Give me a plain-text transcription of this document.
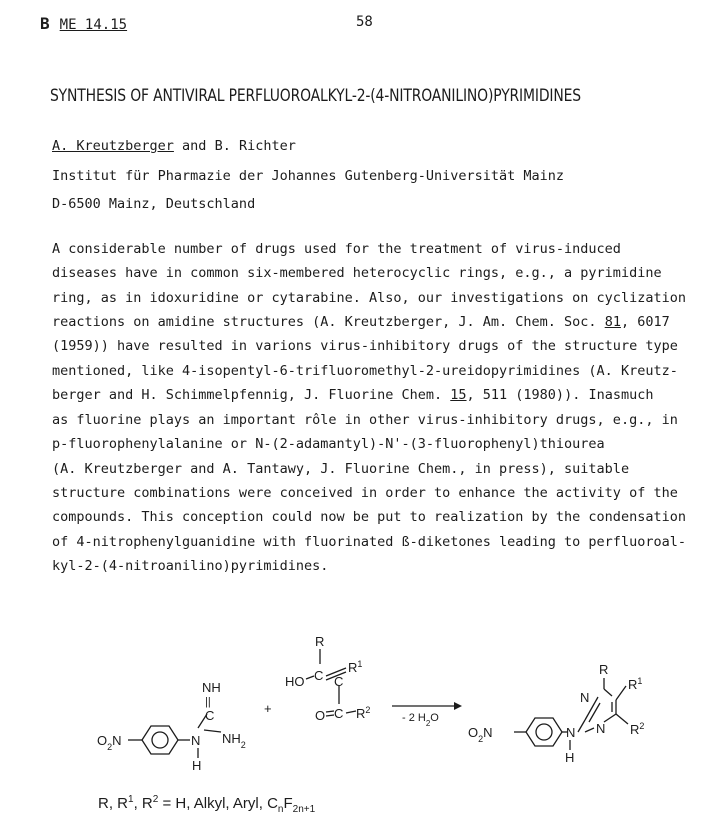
B ME 14.15	58
SYNTHESIS OF ANTIVIRAL PERFLUOROALKYL-2-(4-NITROANILINO)PYRIMIDINES
A. Kreutzberger and B. Richter
Institut für Pharmazie der Johannes Gutenberg-Universität Mainz
D-6500 Mainz, Deutschland
A considerable number of drugs used for the treatment of virus-induced
diseases have in common six-membered heterocyclic rings, e.g., a pyrimidine
ring, as in idoxuridine or cytarabine. Also, our investigations on cyclization
reactions on amidine structures (A. Kreutzberger, J. Am. Chem. Soc. 81, 6017
(1959)) have resulted in varions virus-inhibitory drugs of the structure type
mentioned, like 4-isopentyl-6-trifluoromethyl-2-ureidopyrimidines (A. Kreutz-
berger and H. Schimmelpfennig, J. Fluorine Chem. 15, 511 (1980)). Inasmuch
as fluorine plays an important rôle in other virus-inhibitory drugs, e.g., in
p-fluorophenylalanine or N-(2-adamantyl)-N'-(3-fluorophenyl)thiourea
(A. Kreutzberger and A. Tantawy, J. Fluorine Chem., in press), suitable
structure combinations were conceived in order to enhance the activity of the
compounds. This conception could now be put to realization by the condensation
of 4-nitrophenylguanidine with fluorinated ß-diketones leading to perfluoroal-
kyl-2-(4-nitroanilino)pyrimidines.
$O_2N$	N
H
NH
||
C
$NH_2$
+
R
HO C
$R^1$
C
O C $R^2$
- 2 $H_2O$
$O_2N$	N
H
N
N
R
$R^1$
$R^2$
R, $R^1$, $R^2 = H$, Alkyl, Aryl, $C_nF_{2n+1}$
